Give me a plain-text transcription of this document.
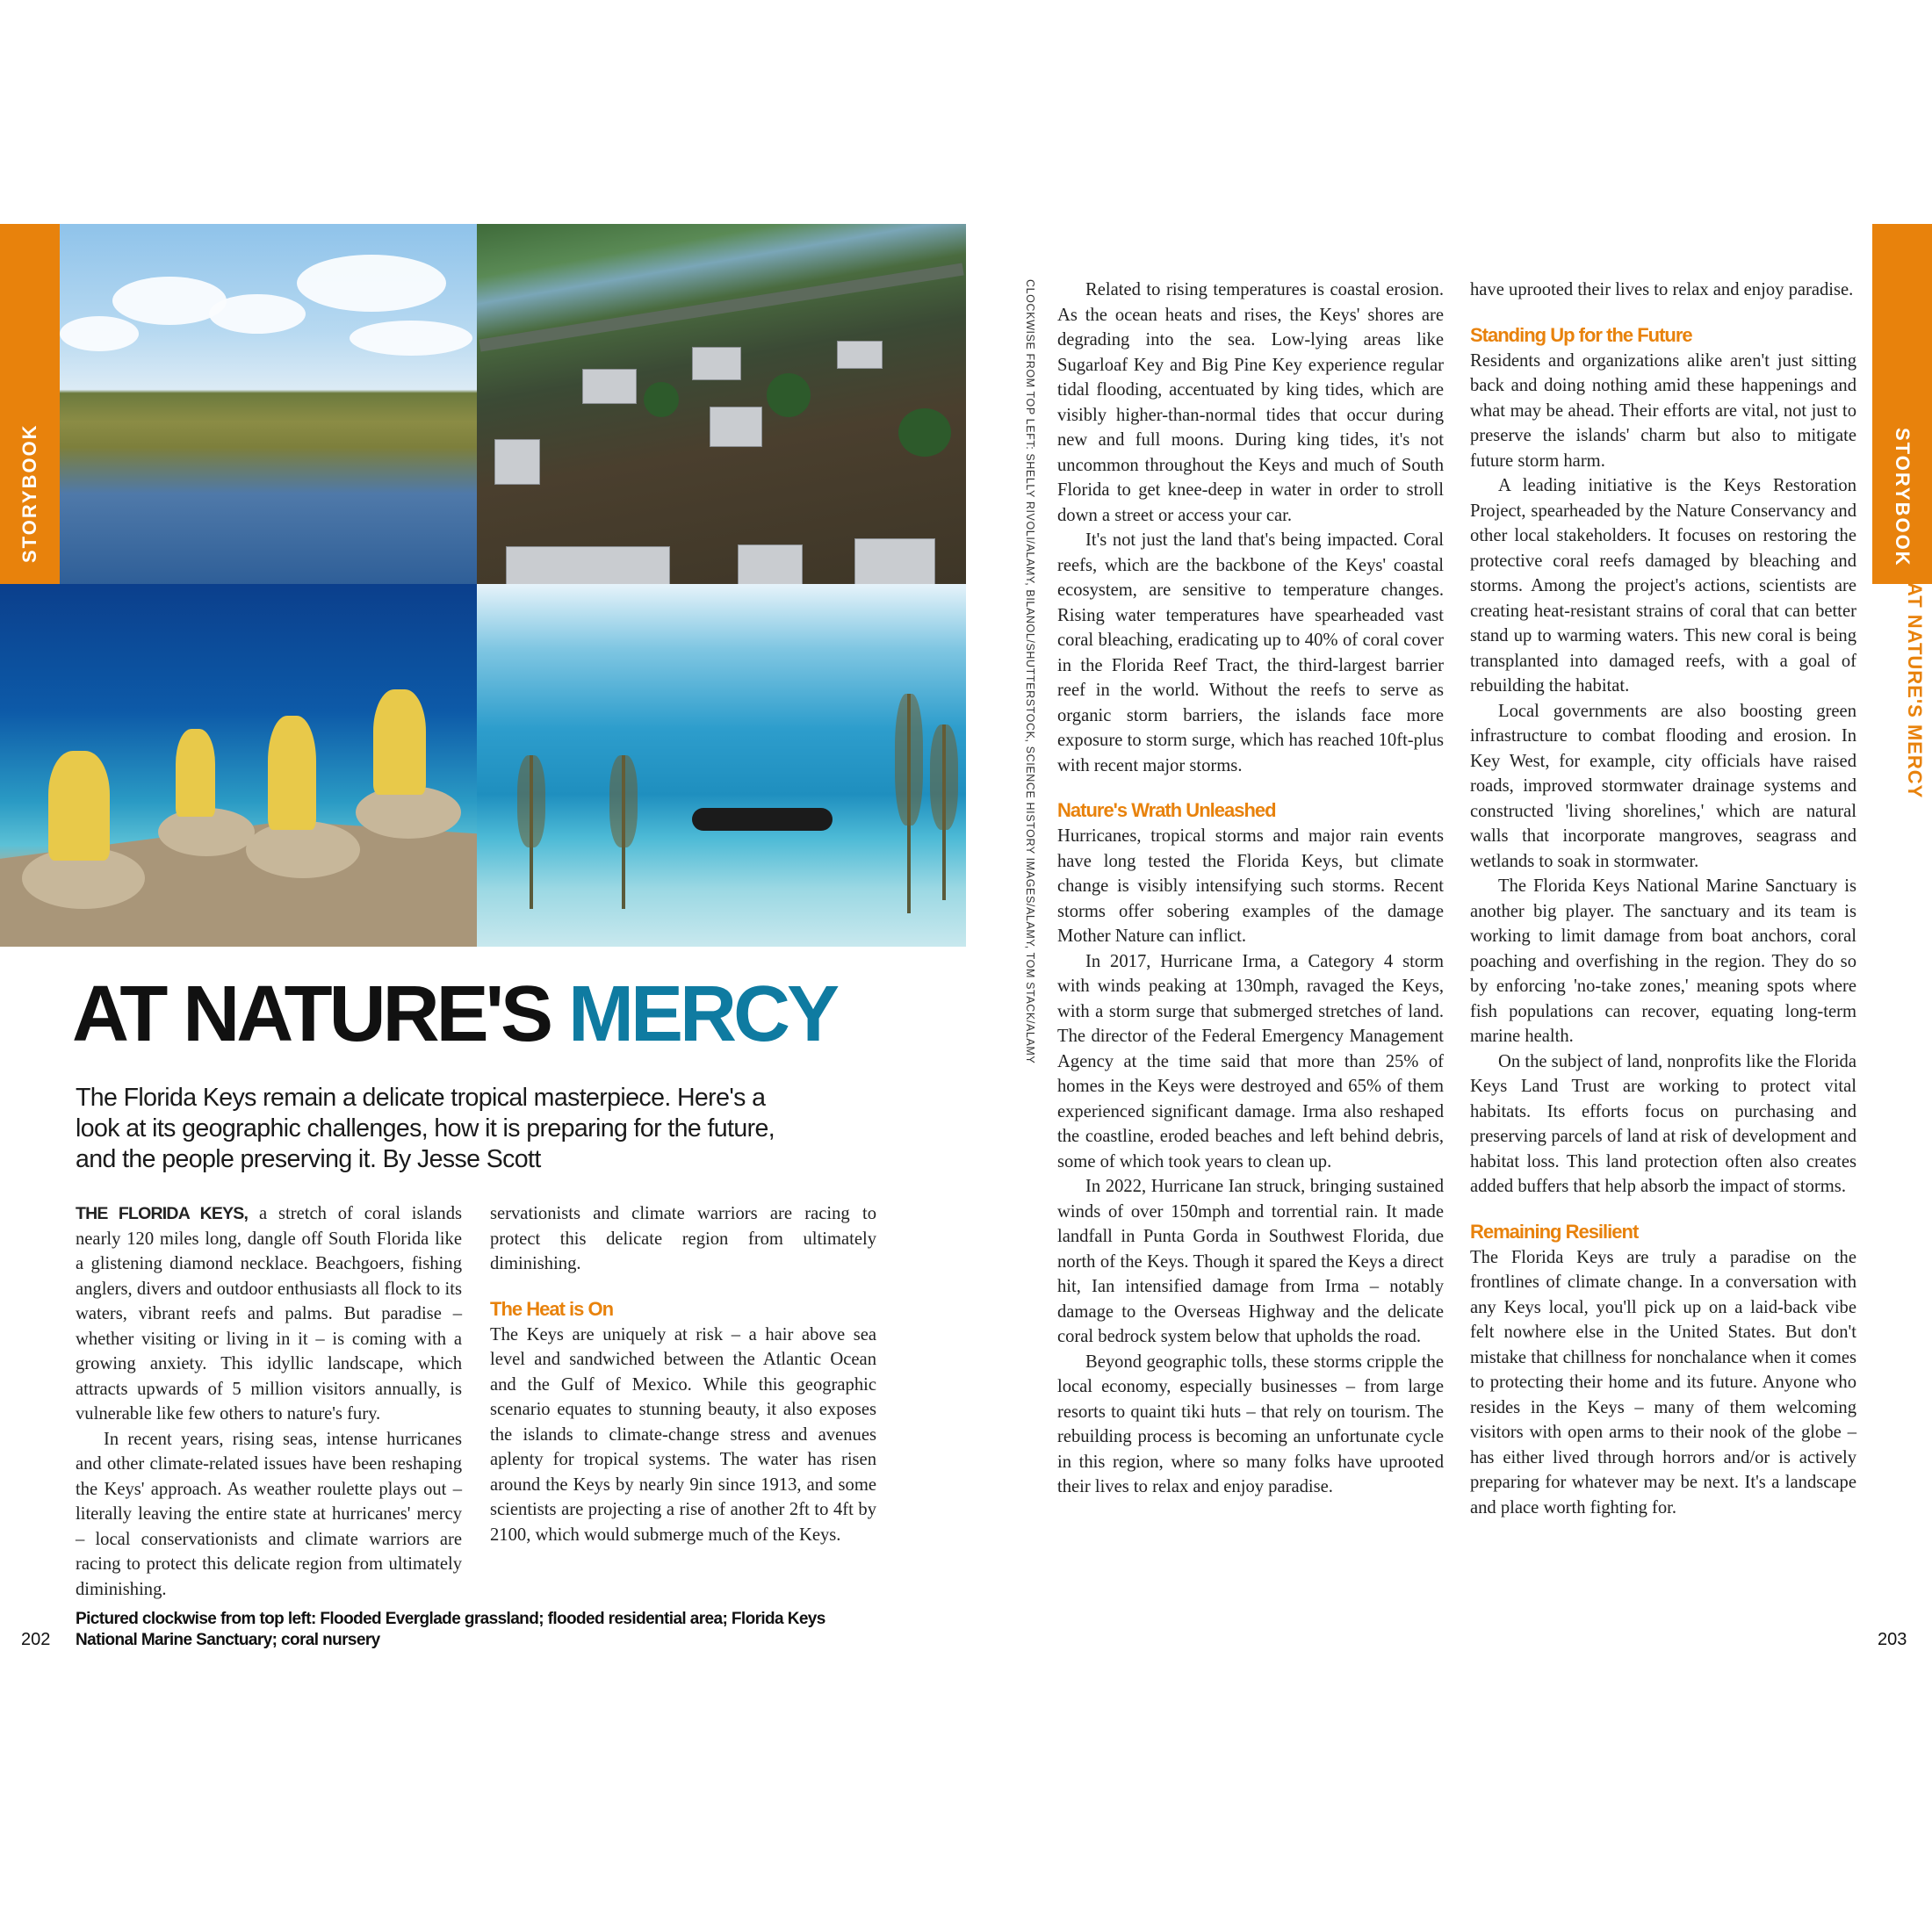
STORYBOOK	STORYBOOK
AT NATURE'S MERCY
CLOCKWISE FROM TOP LEFT: SHELLY RIVOLI/ALAMY, BILANOL/SHUTTERSTOCK, SCIENCE HISTORY IMAGES/ALAMY, TOM STACK/ALAMY
AT NATURE'S MERCY
The Florida Keys remain a delicate tropical masterpiece. Here's a look at its geographic challenges, how it is preparing for the future, and the people preserving it. By Jesse Scott

THE FLORIDA KEYS, a stretch of coral islands nearly 120 miles long, dangle off South Florida like a glistening diamond necklace. Beachgoers, fishing anglers, divers and outdoor enthusiasts all flock to its waters, vibrant reefs and palms. But paradise – whether visiting or living in it – is coming with a growing anxiety. This idyllic landscape, which attracts upwards of 5 million visitors annually, is vulnerable like few others to nature's fury.

In recent years, rising seas, intense hurricanes and other climate-related issues have been reshaping the Keys' approach. As weather roulette plays out – literally leaving the entire state at hurricanes' mercy – local conservationists and climate warriors are racing to protect this delicate region from ultimately diminishing.

servationists and climate warriors are racing to protect this delicate region from ultimately diminishing.

The Heat is On

The Keys are uniquely at risk – a hair above sea level and sandwiched between the Atlantic Ocean and the Gulf of Mexico. While this geographic scenario equates to stunning beauty, it also exposes the islands to climate-change stress and avenues aplenty for tropical systems. The water has risen around the Keys by nearly 9in since 1913, and some scientists are projecting a rise of another 2ft to 4ft by 2100, which would submerge much of the Keys.

Related to rising temperatures is coastal erosion. As the ocean heats and rises, the Keys' shores are degrading into the sea. Low-lying areas like Sugarloaf Key and Big Pine Key experience regular tidal flooding, accentuated by king tides, which are visibly higher-than-normal tides that occur during new and full moons. During king tides, it's not uncommon throughout the Keys and much of South Florida to get knee-deep in water in order to stroll down a street or access your car.

It's not just the land that's being impacted. Coral reefs, which are the backbone of the Keys' coastal ecosystem, are sensitive to temperature changes. Rising water temperatures have spearheaded vast coral bleaching, eradicating up to 40% of coral cover in the Florida Reef Tract, the third-largest barrier reef in the world. Without the reefs to serve as organic storm barriers, the islands face more exposure to storm surge, which has reached 10ft-plus with recent major storms.

Nature's Wrath Unleashed

Hurricanes, tropical storms and major rain events have long tested the Florida Keys, but climate change is visibly intensifying such storms. Recent storms offer sobering examples of the damage Mother Nature can inflict.

In 2017, Hurricane Irma, a Category 4 storm with winds peaking at 130mph, ravaged the Keys, with a storm surge that submerged stretches of land. The director of the Federal Emergency Management Agency at the time said that more than 25% of homes in the Keys were destroyed and 65% of them experienced significant damage. Irma also reshaped the coastline, eroded beaches and left behind debris, some of which took years to clean up.

In 2022, Hurricane Ian struck, bringing sustained winds of over 150mph and torrential rain. It made landfall in Punta Gorda in Southwest Florida, due north of the Keys. Though it spared the Keys a direct hit, Ian intensified damage from Irma – notably damage to the Overseas Highway and the delicate coral bedrock system below that upholds the road.

Beyond geographic tolls, these storms cripple the local economy, especially businesses – from large resorts to quaint tiki huts – that rely on tourism. The rebuilding process is becoming an unfortunate cycle in this region, where so many folks have uprooted their lives to relax and enjoy paradise.

have uprooted their lives to relax and enjoy paradise.

Standing Up for the Future

Residents and organizations alike aren't just sitting back and doing nothing amid these happenings and what may be ahead. Their efforts are vital, not just to preserve the islands' charm but also to mitigate future storm harm.

A leading initiative is the Keys Restoration Project, spearheaded by the Nature Conservancy and other local stakeholders. It focuses on restoring the protective coral reefs damaged by bleaching and storms. Among the project's actions, scientists are creating heat-resistant strains of coral that can better stand up to warming waters. This new coral is being transplanted into damaged reefs, with a goal of rebuilding the habitat.

Local governments are also boosting green infrastructure to combat flooding and erosion. In Key West, for example, city officials have raised roads, improved stormwater drainage systems and constructed 'living shorelines,' which are natural walls that incorporate mangroves, seagrass and wetlands to soak in stormwater.

The Florida Keys National Marine Sanctuary is another big player. The sanctuary and its team is working to limit damage from boat anchors, coral poaching and overfishing in the region. They do so by enforcing 'no-take zones,' meaning spots where fish populations can recover, equating long-term marine health.

On the subject of land, nonprofits like the Florida Keys Land Trust are working to protect vital habitats. Its efforts focus on purchasing and preserving parcels of land at risk of development and habitat loss. This land protection often also creates added buffers that help absorb the impact of storms.

Remaining Resilient

The Florida Keys are truly a paradise on the frontlines of climate change. In a conversation with any Keys local, you'll pick up on a laid-back vibe felt nowhere else in the United States. But don't mistake that chillness for nonchalance when it comes to protecting their home and its future. Anyone who resides in the Keys – many of them welcoming visitors with open arms to their nook of the globe – has either lived through horrors and/or is actively preparing for whatever may be next. It's a landscape and place worth fighting for.

Pictured clockwise from top left: Flooded Everglade grassland; flooded residential area; Florida Keys National Marine Sanctuary; coral nursery
202	203
